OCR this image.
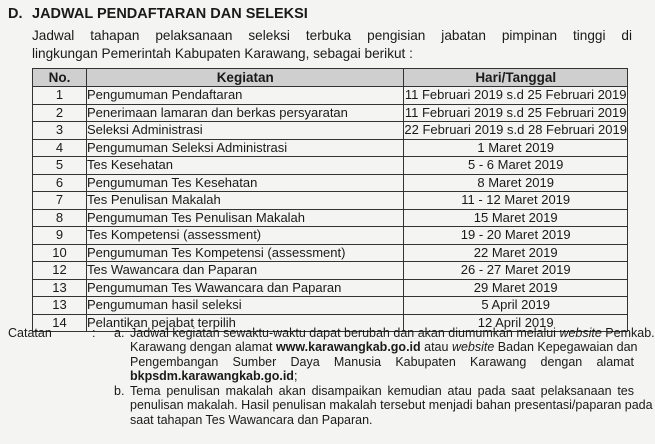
D. JADWAL PENDAFTARAN DAN SELEKSI
Jadwal tahapan pelaksanaan seleksi terbuka pengisian jabatan pimpinan tinggi di
lingkungan Pemerintah Kabupaten Karawang, sebagai berikut :
No.	Kegiatan	Hari/Tanggal
1	Pengumuman Pendaftaran	11 Februari 2019 s.d 25 Februari 2019
2	Penerimaan lamaran dan berkas persyaratan	11 Februari 2019 s.d 25 Februari 2019
3	Seleksi Administrasi	22 Februari 2019 s.d 28 Februari 2019
4	Pengumuman Seleksi Administrasi	1 Maret 2019
5	Tes Kesehatan	5 - 6 Maret 2019
6	Pengumuman Tes Kesehatan	8 Maret 2019
7	Tes Penulisan Makalah	11 - 12 Maret 2019
8	Pengumuman Tes Penulisan Makalah	15 Maret 2019
9	Tes Kompetensi (assessment)	19 - 20 Maret 2019
10	Pengumuman Tes Kompetensi (assessment)	22 Maret 2019
12	Tes Wawancara dan Paparan	26 - 27 Maret 2019
13	Pengumuman Tes Wawancara dan Paparan	29 Maret 2019
13	Pengumuman hasil seleksi	5 April 2019
14	Pelantikan pejabat terpilih	12 April 2019
Catatan	: a. Jadwal kegiatan sewaktu-waktu dapat berubah dan akan diumumkan melalui website Pemkab.
Karawang dengan alamat www.karawangkab.go.id atau website Badan Kepegawaian dan
Pengembangan Sumber Daya Manusia Kabupaten Karawang dengan alamat
bkpsdm.karawangkab.go.id;
b. Tema penulisan makalah akan disampaikan kemudian atau pada saat pelaksanaan tes
penulisan makalah. Hasil penulisan makalah tersebut menjadi bahan presentasi/paparan pada
saat tahapan Tes Wawancara dan Paparan.
